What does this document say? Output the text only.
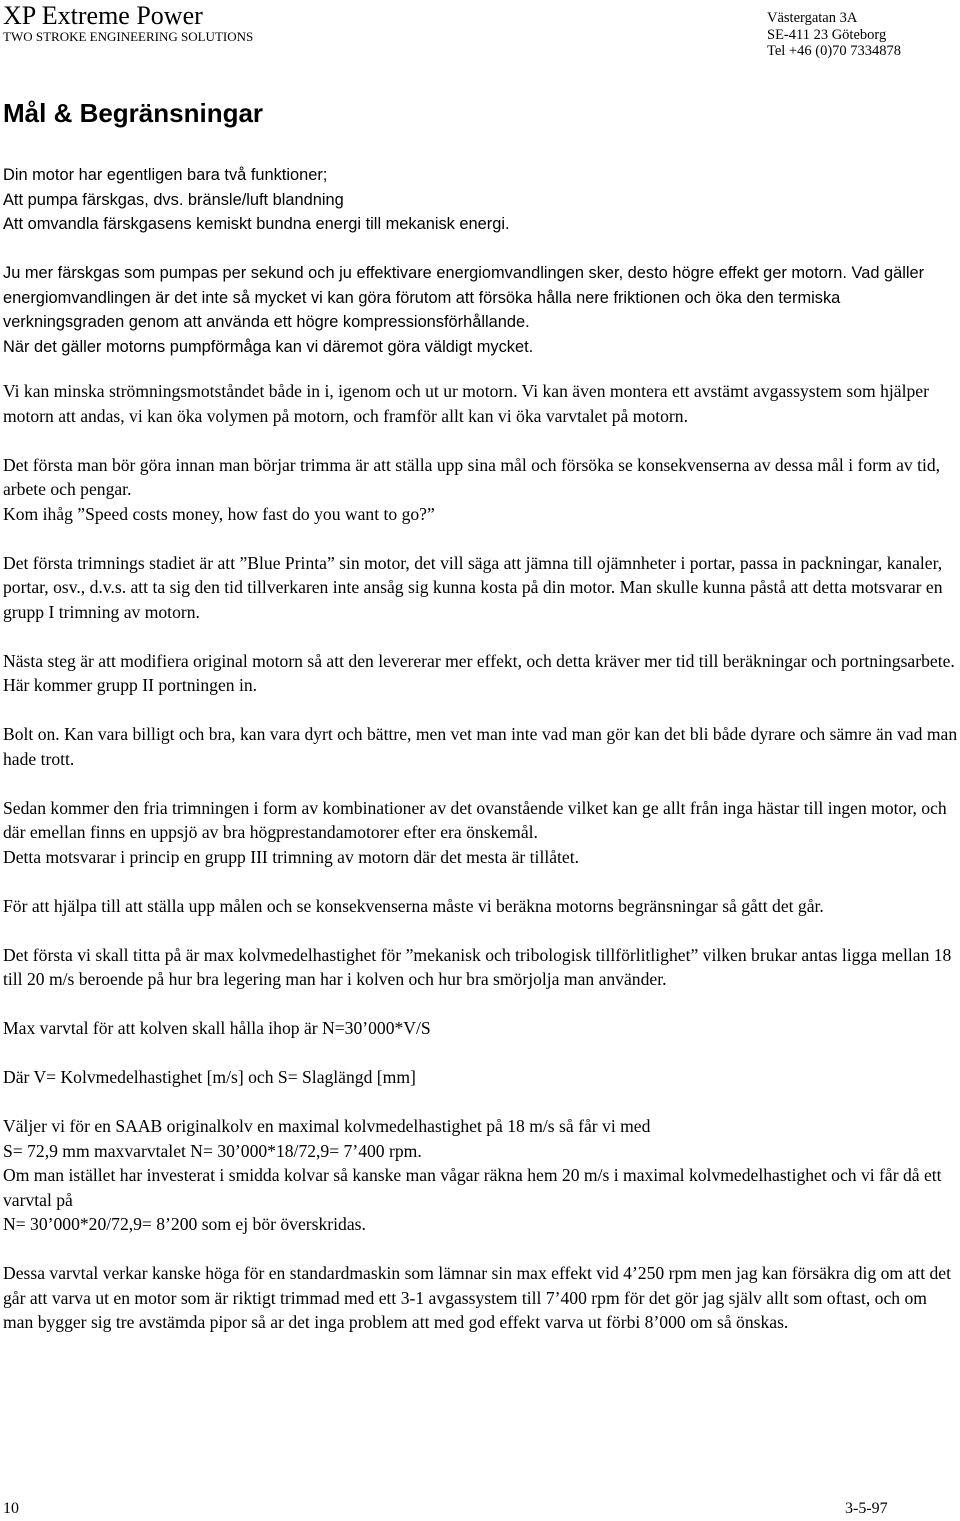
XP Extreme Power
TWO STROKE ENGINEERING SOLUTIONS
Västergatan 3A
SE-411 23 Göteborg
Tel +46 (0)70 7334878
Mål & Begränsningar

Din motor har egentligen bara två funktioner;

Att pumpa färskgas, dvs. bränsle/luft blandning

Att omvandla färskgasens kemiskt bundna energi till mekanisk energi.

Ju mer färskgas som pumpas per sekund och ju effektivare energiomvandlingen sker, desto högre effekt ger motorn. Vad gäller energiomvandlingen är det inte så mycket vi kan göra förutom att försöka hålla nere friktionen och öka den termiska verkningsgraden genom att använda ett högre kompressionsförhållande.

När det gäller motorns pumpförmåga kan vi däremot göra väldigt mycket.

Vi kan minska strömningsmotståndet både in i, igenom och ut ur motorn. Vi kan även montera ett avstämt avgassystem som hjälper motorn att andas, vi kan öka volymen på motorn, och framför allt kan vi öka varvtalet på motorn.

Det första man bör göra innan man börjar trimma är att ställa upp sina mål och försöka se konsekvenserna av dessa mål i form av tid, arbete och pengar.

Kom ihåg ”Speed costs money, how fast do you want to go?”

Det första trimnings stadiet är att ”Blue Printa” sin motor, det vill säga att jämna till ojämnheter i portar, passa in packningar, kanaler, portar, osv., d.v.s. att ta sig den tid tillverkaren inte ansåg sig kunna kosta på din motor. Man skulle kunna påstå att detta motsvarar en grupp I trimning av motorn.

Nästa steg är att modifiera original motorn så att den levererar mer effekt, och detta kräver mer tid till beräkningar och portningsarbete. Här kommer grupp II portningen in.

Bolt on. Kan vara billigt och bra, kan vara dyrt och bättre, men vet man inte vad man gör kan det bli både dyrare och sämre än vad man hade trott.

Sedan kommer den fria trimningen i form av kombinationer av det ovanstående vilket kan ge allt från inga hästar till ingen motor, och där emellan finns en uppsjö av bra högprestandamotorer efter era önskemål.

Detta motsvarar i princip en grupp III trimning av motorn där det mesta är tillåtet.

För att hjälpa till att ställa upp målen och se konsekvenserna måste vi beräkna motorns begränsningar så gått det går.

Det första vi skall titta på är max kolvmedelhastighet för ”mekanisk och tribologisk tillförlitlighet” vilken brukar antas ligga mellan 18 till 20 m/s beroende på hur bra legering man har i kolven och hur bra smörjolja man använder.

Max varvtal för att kolven skall hålla ihop är N=30’000*V/S

Där V= Kolvmedelhastighet [m/s] och S= Slaglängd [mm]

Väljer vi för en SAAB originalkolv en maximal kolvmedelhastighet på 18 m/s så får vi med

S= 72,9 mm maxvarvtalet N= 30’000*18/72,9= 7’400 rpm.

Om man istället har investerat i smidda kolvar så kanske man vågar räkna hem 20 m/s i maximal kolvmedelhastighet och vi får då ett varvtal på

N= 30’000*20/72,9= 8’200 som ej bör överskridas.

Dessa varvtal verkar kanske höga för en standardmaskin som lämnar sin max effekt vid 4’250 rpm men jag kan försäkra dig om att det går att varva ut en motor som är riktigt trimmad med ett 3-1 avgassystem till 7’400 rpm för det gör jag själv allt som oftast, och om man bygger sig tre avstämda pipor så ar det inga problem att med god effekt varva ut förbi 8’000 om så önskas.

10	3-5-97
